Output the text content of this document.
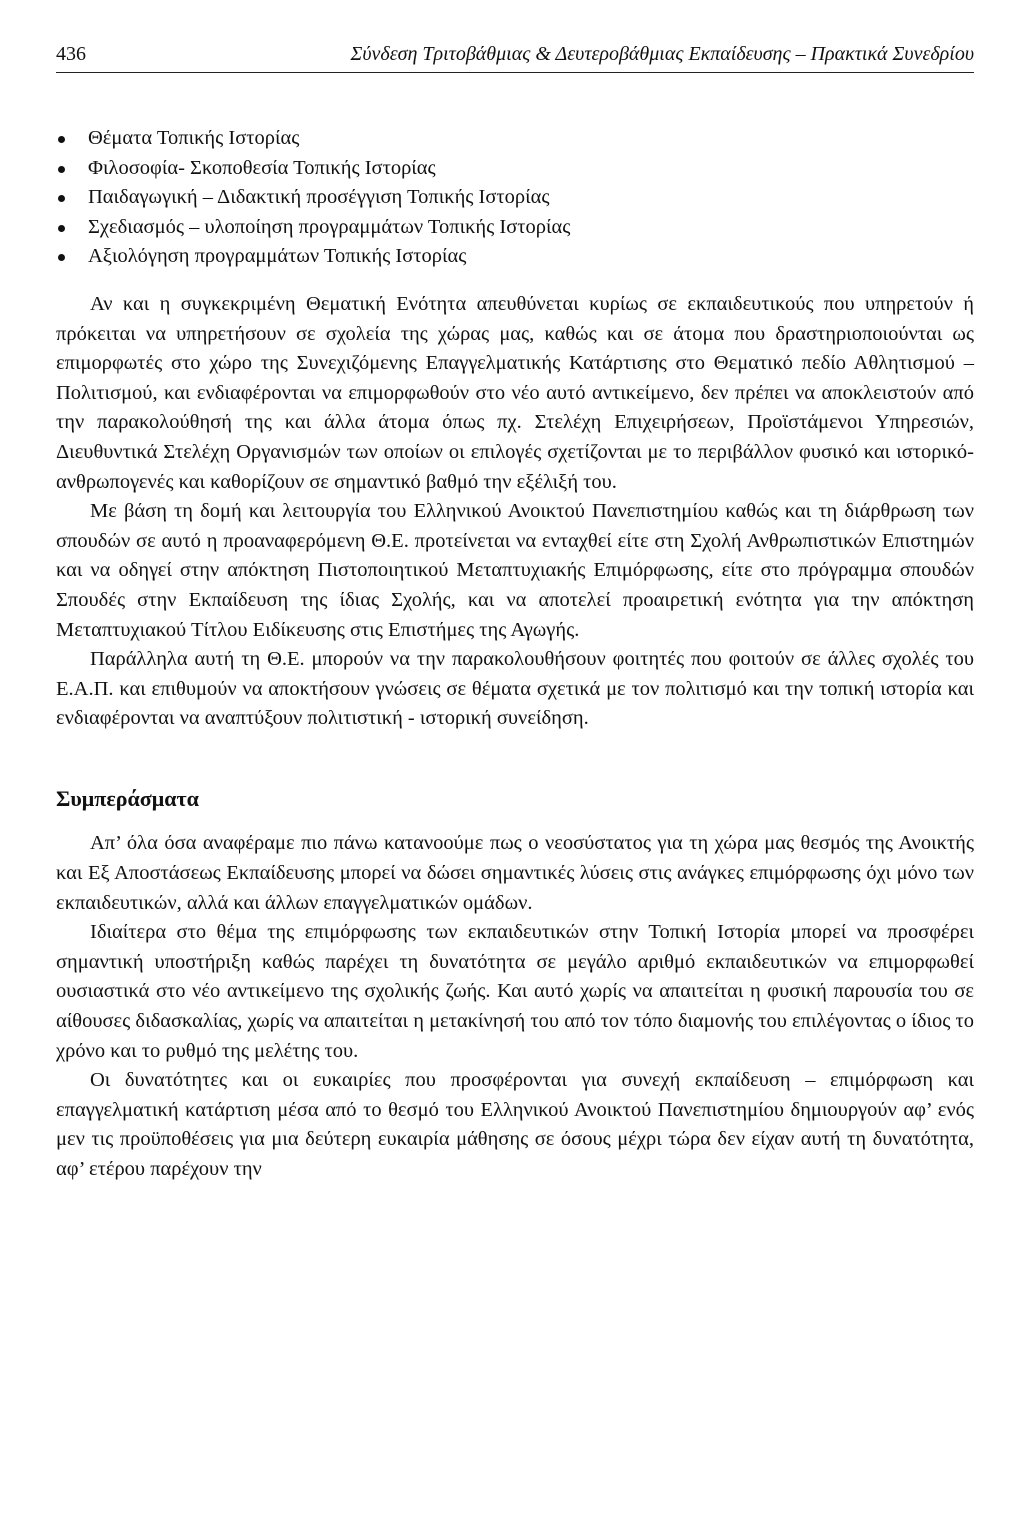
436	Σύνδεση Τριτοβάθμιας & Δευτεροβάθμιας Εκπαίδευσης – Πρακτικά Συνεδρίου
Θέματα Τοπικής Ιστορίας
Φιλοσοφία- Σκοποθεσία Τοπικής Ιστορίας
Παιδαγωγική – Διδακτική προσέγγιση Τοπικής Ιστορίας
Σχεδιασμός – υλοποίηση προγραμμάτων Τοπικής Ιστορίας
Αξιολόγηση προγραμμάτων Τοπικής Ιστορίας

Αν και η συγκεκριμένη Θεματική Ενότητα απευθύνεται κυρίως σε εκπαιδευτικούς που υπηρετούν ή πρόκειται να υπηρετήσουν σε σχολεία της χώρας μας, καθώς και σε άτομα που δραστηριοποιούνται ως επιμορφωτές στο χώρο της Συνεχιζόμενης Επαγγελματικής Κατάρτισης στο Θεματικό πεδίο Αθλητισμού – Πολιτισμού, και ενδιαφέρονται να επιμορφωθούν στο νέο αυτό αντικείμενο, δεν πρέπει να αποκλειστούν από την παρακολούθησή της και άλλα άτομα όπως πχ. Στελέχη Επιχειρήσεων, Προϊστάμενοι Υπηρεσιών, Διευθυντικά Στελέχη Οργανισμών των οποίων οι επιλογές σχετίζονται με το περιβάλλον φυσικό και ιστορικό-ανθρωπογενές και καθορίζουν σε σημαντικό βαθμό την εξέλιξή του.

Με βάση τη δομή και λειτουργία του Ελληνικού Ανοικτού Πανεπιστημίου καθώς και τη διάρθρωση των σπουδών σε αυτό η προαναφερόμενη Θ.Ε. προτείνεται να ενταχθεί είτε στη Σχολή Ανθρωπιστικών Επιστημών και να οδηγεί στην απόκτηση Πιστοποιητικού Μεταπτυχιακής Επιμόρφωσης, είτε στο πρόγραμμα σπουδών Σπουδές στην Εκπαίδευση της ίδιας Σχολής, και να αποτελεί προαιρετική ενότητα για την απόκτηση Μεταπτυχιακού Τίτλου Ειδίκευσης στις Επιστήμες της Αγωγής.

Παράλληλα αυτή τη Θ.Ε. μπορούν να την παρακολουθήσουν φοιτητές που φοιτούν σε άλλες σχολές του Ε.Α.Π. και επιθυμούν να αποκτήσουν γνώσεις σε θέματα σχετικά με τον πολιτισμό και την τοπική ιστορία και ενδιαφέρονται να αναπτύξουν πολιτιστική - ιστορική συνείδηση.

Συμπεράσματα

Απ’ όλα όσα αναφέραμε πιο πάνω κατανοούμε πως ο νεοσύστατος για τη χώρα μας θεσμός της Ανοικτής και Εξ Αποστάσεως Εκπαίδευσης μπορεί να δώσει σημαντικές λύσεις στις ανάγκες επιμόρφωσης όχι μόνο των εκπαιδευτικών, αλλά και άλλων επαγγελματικών ομάδων.

Ιδιαίτερα στο θέμα της επιμόρφωσης των εκπαιδευτικών στην Τοπική Ιστορία μπορεί να προσφέρει σημαντική υποστήριξη καθώς παρέχει τη δυνατότητα σε μεγάλο αριθμό εκπαιδευτικών να επιμορφωθεί ουσιαστικά στο νέο αντικείμενο της σχολικής ζωής. Και αυτό χωρίς να απαιτείται η φυσική παρουσία του σε αίθουσες διδασκαλίας, χωρίς να απαιτείται η μετακίνησή του από τον τόπο διαμονής του επιλέγοντας ο ίδιος το χρόνο και το ρυθμό της μελέτης του.

Οι δυνατότητες και οι ευκαιρίες που προσφέρονται για συνεχή εκπαίδευση – επιμόρφωση και επαγγελματική κατάρτιση μέσα από το θεσμό του Ελληνικού Ανοικτού Πανεπιστημίου δημιουργούν αφ’ ενός μεν τις προϋποθέσεις για μια δεύτερη ευκαιρία μάθησης σε όσους μέχρι τώρα δεν είχαν αυτή τη δυνατότητα, αφ’ ετέρου παρέχουν την
